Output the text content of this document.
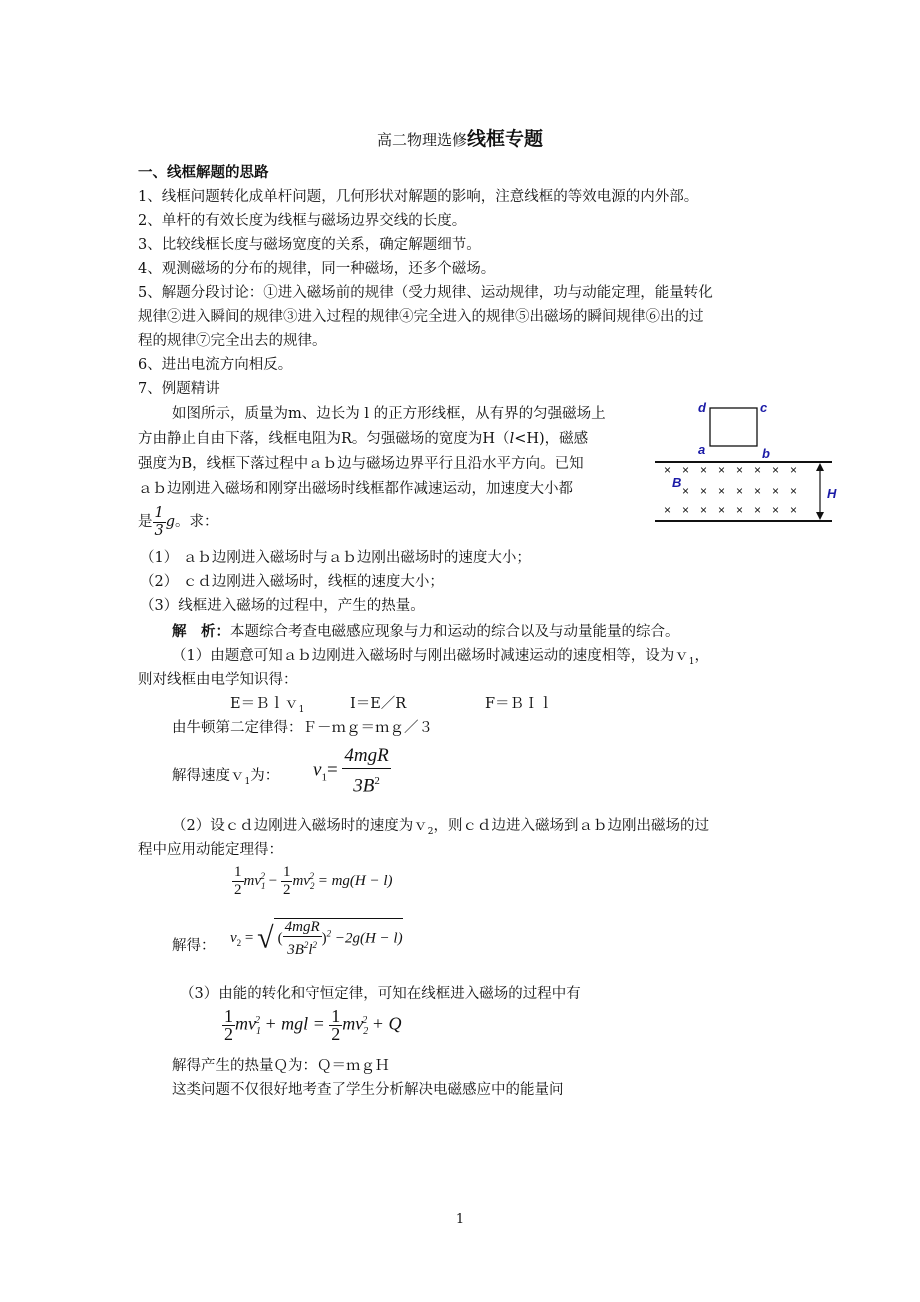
高二物理选修线框专题
一、线框解题的思路
1、线框问题转化成单杆问题，几何形状对解题的影响，注意线框的等效电源的内外部。
2、单杆的有效长度为线框与磁场边界交线的长度。
3、比较线框长度与磁场宽度的关系，确定解题细节。
4、观测磁场的分布的规律，同一种磁场，还多个磁场。
5、解题分段讨论：①进入磁场前的规律（受力规律、运动规律，功与动能定理，能量转化
规律②进入瞬间的规律③进入过程的规律④完全进入的规律⑤出磁场的瞬间规律⑥出的过
程的规律⑦完全出去的规律。
6、进出电流方向相反。
7、例题精讲
如图所示，质量为m、边长为 l 的正方形线框，从有界的匀强磁场上
方由静止自由下落，线框电阻为R。匀强磁场的宽度为H（l<H)，磁感
强度为B，线框下落过程中ａｂ边与磁场边界平行且沿水平方向。已知
ａｂ边刚进入磁场和刚穿出磁场时线框都作减速运动，加速度大小都
是 $\frac{1}{3}$ g。求：
（1） ａｂ边刚进入磁场时与ａｂ边刚出磁场时的速度大小；
（2） ｃｄ边刚进入磁场时，线框的速度大小；
（3）线框进入磁场的过程中，产生的热量。
d	c
a	b
× × × × × × × ×
× × × × × × ×
× × × × × × × ×
B
H
解　析：本题综合考查电磁感应现象与力和运动的综合以及与动量能量的综合。
（1）由题意可知ａｂ边刚进入磁场时与刚出磁场时减速运动的速度相等，设为ｖ$_1$，
则对线框由电学知识得：
E＝Ｂｌｖ$_1$	I＝E／R	F＝ＢＩｌ
由牛顿第二定律得：Ｆ－ｍｇ＝ｍｇ／３
解得速度ｖ$_1$为： $v_1= \frac{\text{4mgR}}{3B^2}$
（2）设ｃｄ边刚进入磁场时的速度为ｖ$_2$，则ｃｄ边进入磁场到ａｂ边刚出磁场的过
程中应用动能定理得：
$\frac{1}{2} mv_1^2 - \frac{1}{2} mv_2^2 = mg(H - l)$
解得：
$v_2$ = √ ( $\frac{\text{4mgR}}{3B^2l^2} )^2 -2g(H - l)$
（3）由能的转化和守恒定律，可知在线框进入磁场的过程中有
$\frac{1}{2} mv_1^2$ + mgl = $\frac{1}{2} mv_2^2 + Q$
解得产生的热量Ｑ为：Ｑ＝ｍｇＨ
这类问题不仅很好地考查了学生分析解决电磁感应中的能量问
1
